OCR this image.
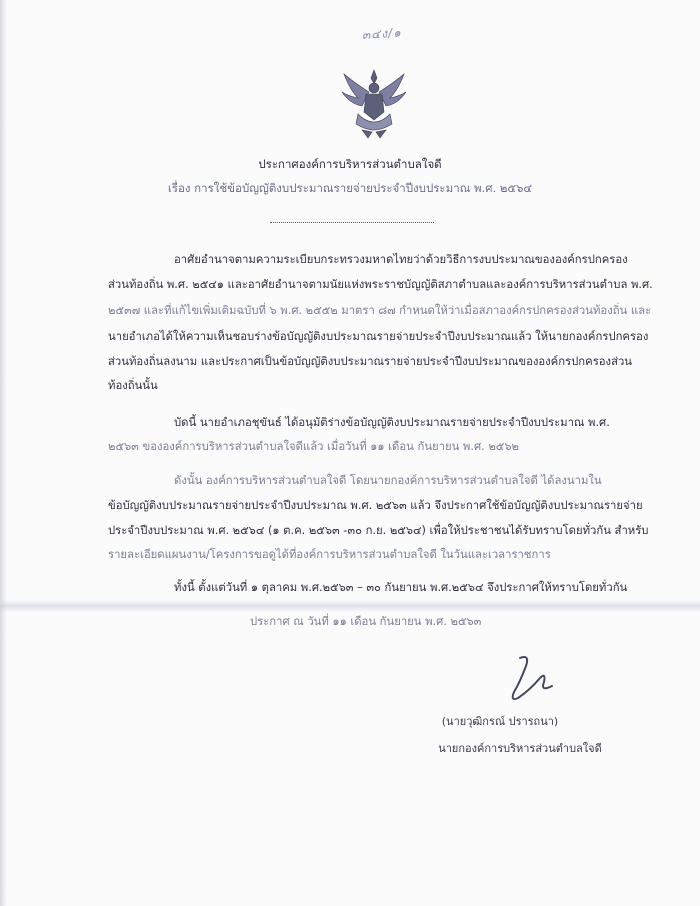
๓๔ง/๑
ประกาศองค์การบริหารส่วนตำบลใจดี
เรื่อง การใช้ข้อบัญญัติงบประมาณรายจ่ายประจำปีงบประมาณ พ.ศ. ๒๕๖๔
อาศัยอำนาจตามความระเบียบกระทรวงมหาดไทยว่าด้วยวิธีการงบประมาณขององค์กรปกครอง
ส่วนท้องถิ่น พ.ศ. ๒๕๔๑ และอาศัยอำนาจตามนัยแห่งพระราชบัญญัติสภาตำบลและองค์การบริหารส่วนตำบล พ.ศ.
๒๕๓๗ และที่แก้ไขเพิ่มเติมฉบับที่ ๖ พ.ศ. ๒๕๕๒ มาตรา ๘๗ กำหนดให้ว่าเมื่อสภาองค์กรปกครองส่วนท้องถิ่น และ
นายอำเภอได้ให้ความเห็นชอบร่างข้อบัญญัติงบประมาณรายจ่ายประจำปีงบประมาณแล้ว ให้นายกองค์กรปกครอง
ส่วนท้องถิ่นลงนาม และประกาศเป็นข้อบัญญัติงบประมาณรายจ่ายประจำปีงบประมาณขององค์กรปกครองส่วน
ท้องถิ่นนั้น
บัดนี้ นายอำเภอชุขันธ์ ได้อนุมัติร่างข้อบัญญัติงบประมาณรายจ่ายประจำปีงบประมาณ พ.ศ.
๒๕๖๓ ขององค์การบริหารส่วนตำบลใจดีแล้ว เมื่อวันที่ ๑๑ เดือน กันยายน พ.ศ. ๒๕๖๒
ดังนั้น องค์การบริหารส่วนตำบลใจดี โดยนายกองค์การบริหารส่วนตำบลใจดี ได้ลงนามใน
ข้อบัญญัติงบประมาณรายจ่ายประจำปีงบประมาณ พ.ศ. ๒๕๖๓ แล้ว จึงประกาศใช้ข้อบัญญัติงบประมาณรายจ่าย
ประจำปีงบประมาณ พ.ศ. ๒๕๖๔ (๑ ต.ค. ๒๕๖๓ -๓๐ ก.ย. ๒๕๖๔) เพื่อให้ประชาชนได้รับทราบโดยทั่วกัน สำหรับ
รายละเอียดแผนงาน/โครงการขอดูได้ที่องค์การบริหารส่วนตำบลใจดี ในวันและเวลาราชการ
ทั้งนี้ ตั้งแต่วันที่ ๑ ตุลาคม พ.ศ.๒๕๖๓ – ๓๐ กันยายน พ.ศ.๒๕๖๔ จึงประกาศให้ทราบโดยทั่วกัน
ประกาศ ณ วันที่ ๑๑ เดือน กันยายน พ.ศ. ๒๕๖๓
(นายวุฒิกรณ์ ปรารถนา)
นายกองค์การบริหารส่วนตำบลใจดี
